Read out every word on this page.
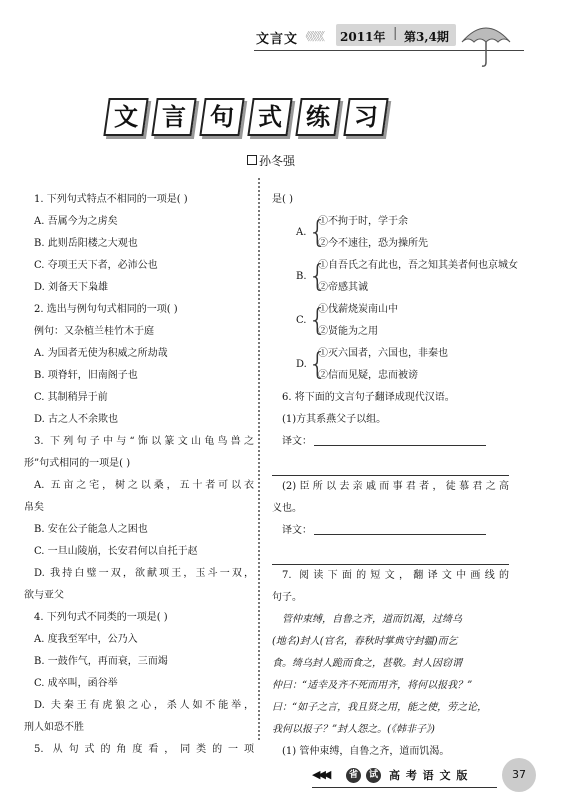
文言文 《《《《《 2011年 | 第3,4期
文	言	句	式	练	习
孙冬强
1. 下列句式特点不相同的一项是( )
A. 吾属今为之虏矣
B. 此则岳阳楼之大观也
C. 夺项王天下者，必沛公也
D. 刘备天下枭雄
2. 选出与例句句式相同的一项( )
例句：又杂植兰桂竹木于庭
A. 为国者无使为积威之所劫哉
B. 项脊轩，旧南阁子也
C. 其制稍异于前
D. 古之人不余欺也
3. 下列句子中与“饰以篆文山龟鸟兽之
形”句式相同的一项是( )
A. 五亩之宅，树之以桑，五十者可以衣
帛矣
B. 安在公子能急人之困也
C. 一旦山陵崩，长安君何以自托于赵
D. 我持白璧一双，欲献项王，玉斗一双，
欲与亚父
4. 下列句式不同类的一项是( )
A. 度我至军中，公乃入
B. 一鼓作气，再而衰，三而竭
C. 成卒叫，函谷举
D. 夫秦王有虎狼之心，杀人如不能举，
刑人如恐不胜
5. 从句式的角度看，同类的一项
是( )
A. {
①不拘于时，学于余
②今不速往，恐为操所先
B. {
①自吾氏之有此也，吾之知其美者何也京城女
②帝感其诚
C. {
①伐薪烧炭南山中
②贤能为之用
D. {
①灭六国者，六国也，非秦也
②信而见疑，忠而被谤
6. 将下面的文言句子翻译成现代汉语。
(1)方其系燕父子以组。
译文：
(2)臣所以去亲戚而事君者，徒慕君之高
义也。
译文：
7. 阅读下面的短文，翻译文中画线的
句子。
管仲束缚，自鲁之齐，道而饥渴，过绮乌
(地名)封人(官名，春秋时掌典守封疆)而乞
食。绮乌封人跪而食之，甚敬。封人因窃谓
仲曰：“适幸及齐不死而用齐，将何以报我？”
曰：“如子之言，我且贤之用，能之使，劳之论，
我何以报子？”封人怨之。(《韩非子》)
(1) 管仲束缚，自鲁之齐，道而饥渴。
◀◀◀	省	试 高 考 语 文 版	37
